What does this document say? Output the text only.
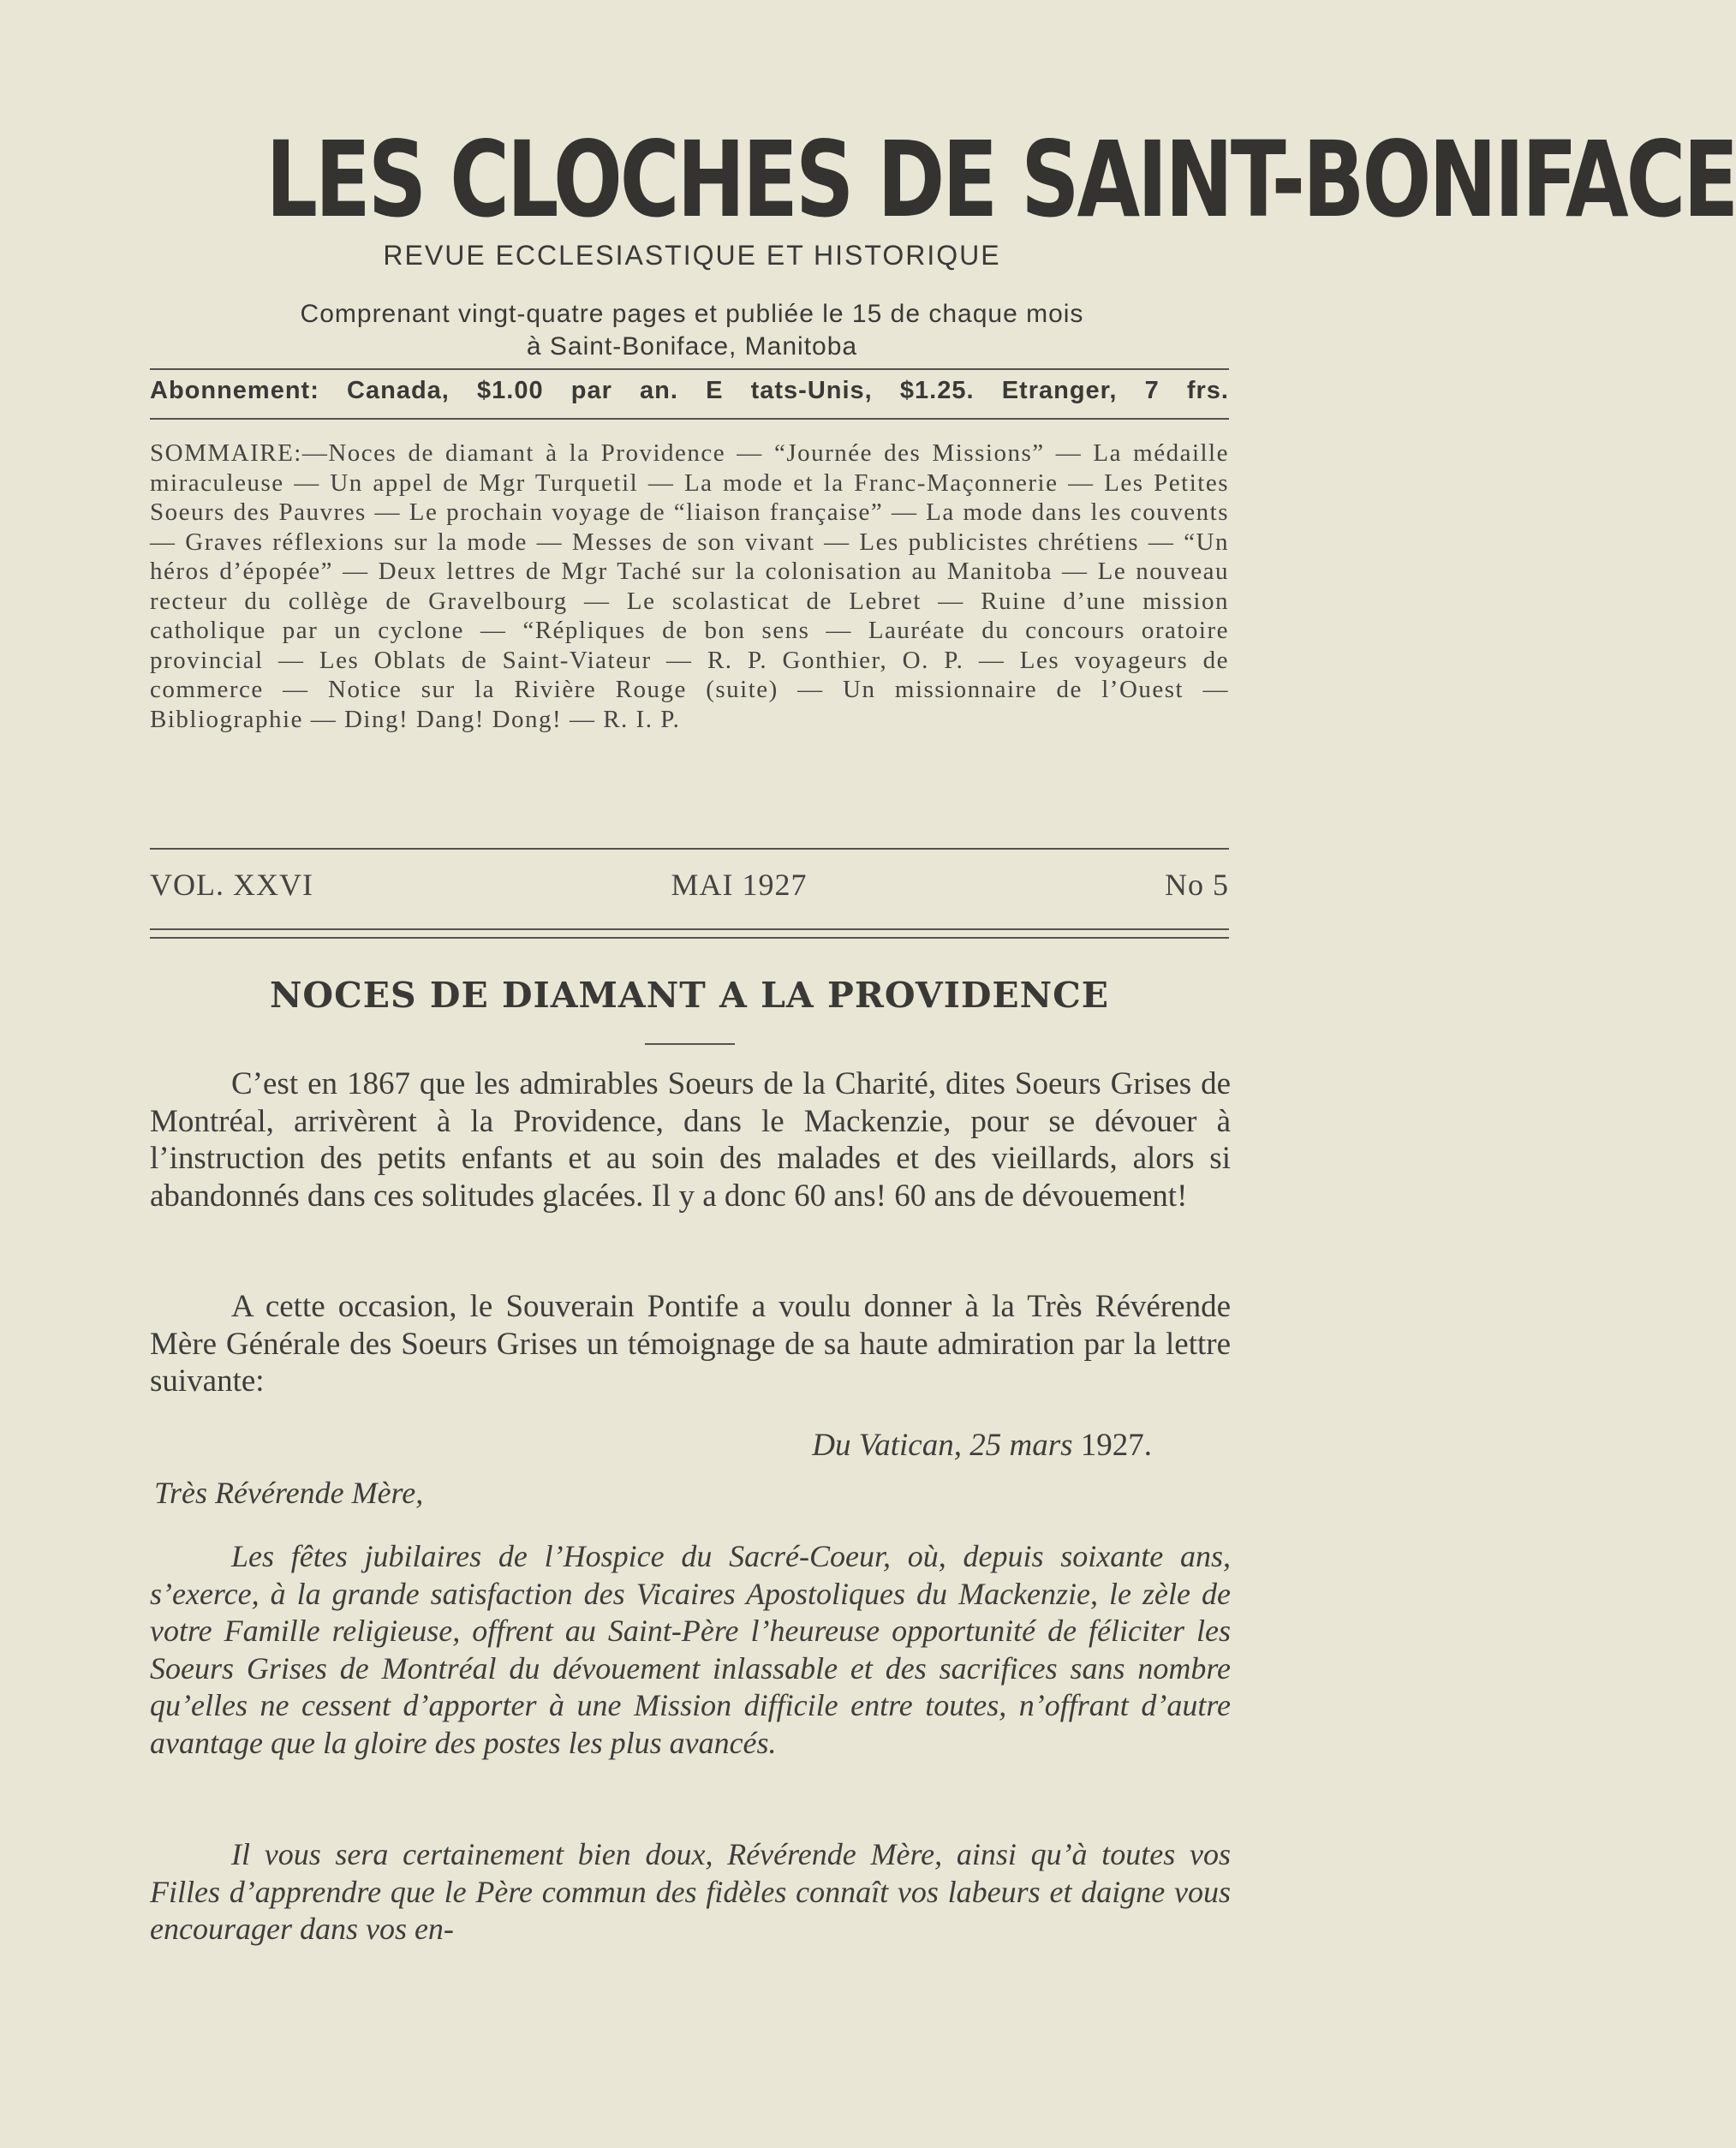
LES CLOCHES DE SAINT-BONIFACE
REVUE ECCLESIASTIQUE ET HISTORIQUE
Comprenant vingt-quatre pages et publiée le 15 de chaque mois
à Saint-Boniface, Manitoba
Abonnement: Canada, $1.00 par an. E tats-Unis, $1.25. Etranger, 7 frs.
SOMMAIRE:—Noces de diamant à la Providence — “Journée des Missions” — La médaille miraculeuse — Un appel de Mgr Turquetil — La mode et la Franc-Maçonnerie — Les Petites Soeurs des Pauvres — Le prochain voyage de “liaison française” — La mode dans les couvents — Graves réflexions sur la mode — Messes de son vivant — Les publicistes chrétiens — “Un héros d’épopée” — Deux lettres de Mgr Taché sur la colonisation au Manitoba — Le nouveau recteur du collège de Gravelbourg — Le scolasticat de Lebret — Ruine d’une mission catholique par un cyclone — “Répliques de bon sens — Lauréate du concours oratoire provincial — Les Oblats de Saint-Viateur — R. P. Gonthier, O. P. — Les voyageurs de commerce — Notice sur la Rivière Rouge (suite) — Un missionnaire de l’Ouest — Bibliographie — Ding! Dang! Dong! — R. I. P.
VOL. XXVI	MAI 1927	No 5
NOCES DE DIAMANT A LA PROVIDENCE
C’est en 1867 que les admirables Soeurs de la Charité, dites Soeurs Grises de Montréal, arrivèrent à la Providence, dans le Mackenzie, pour se dévouer à l’instruction des petits enfants et au soin des malades et des vieillards, alors si abandonnés dans ces solitudes glacées. Il y a donc 60 ans! 60 ans de dévouement!
A cette occasion, le Souverain Pontife a voulu donner à la Très Révérende Mère Générale des Soeurs Grises un témoignage de sa haute admiration par la lettre suivante:
Du Vatican, 25 mars 1927.
Très Révérende Mère,
Les fêtes jubilaires de l’Hospice du Sacré-Coeur, où, depuis soixante ans, s’exerce, à la grande satisfaction des Vicaires Apostoliques du Mackenzie, le zèle de votre Famille religieuse, offrent au Saint-Père l’heureuse opportunité de féliciter les Soeurs Grises de Montréal du dévouement inlassable et des sacrifices sans nombre qu’elles ne cessent d’apporter à une Mission difficile entre toutes, n’offrant d’autre avantage que la gloire des postes les plus avancés.
Il vous sera certainement bien doux, Révérende Mère, ainsi qu’à toutes vos Filles d’apprendre que le Père commun des fidèles connaît vos labeurs et daigne vous encourager dans vos en-
